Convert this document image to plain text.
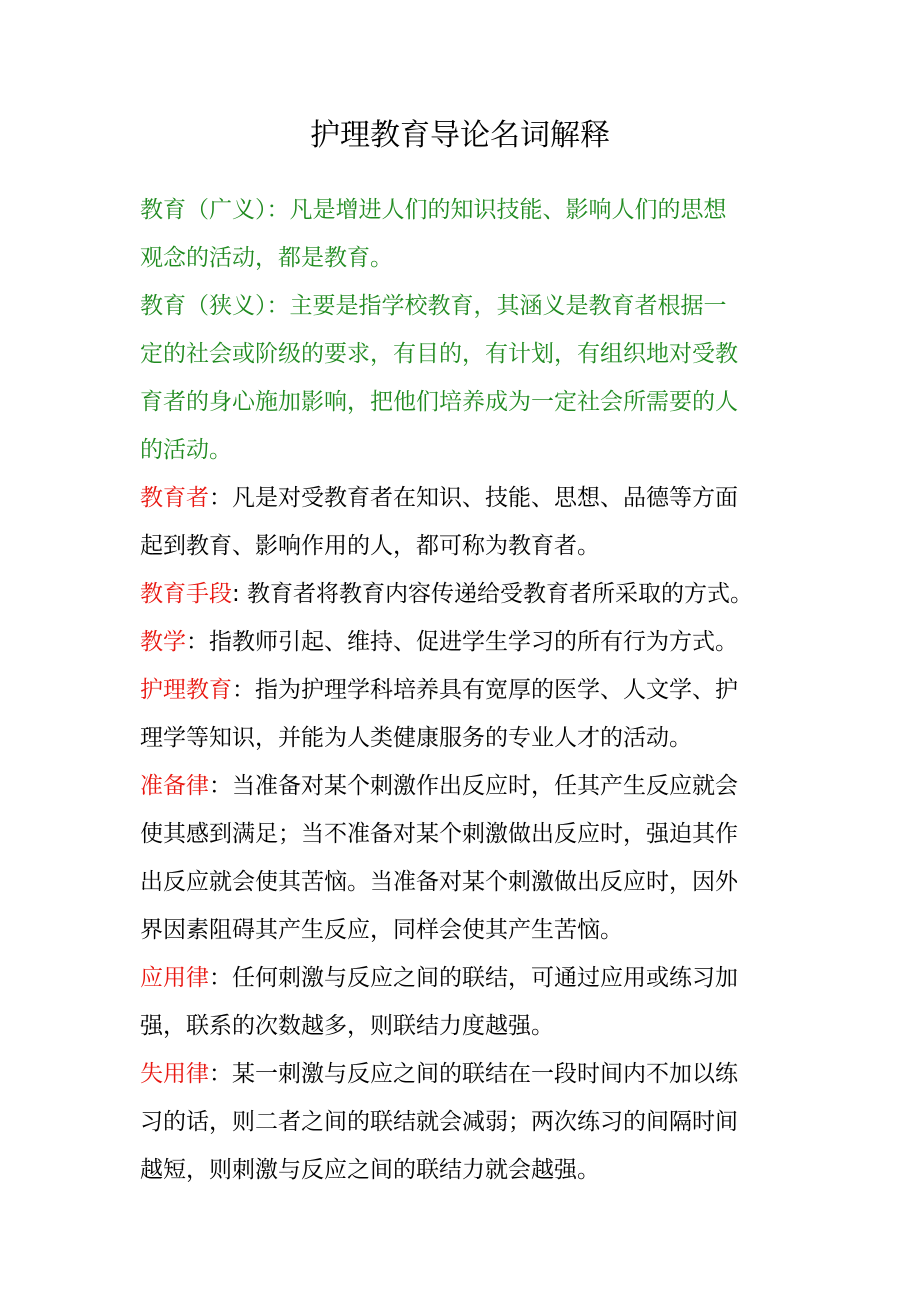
护理教育导论名词解释
教育（广义）：凡是增进人们的知识技能、影响人们的思想
观念的活动，都是教育。
教育（狭义）：主要是指学校教育，其涵义是教育者根据一
定的社会或阶级的要求，有目的，有计划，有组织地对受教
育者的身心施加影响，把他们培养成为一定社会所需要的人
的活动。
教育者：凡是对受教育者在知识、技能、思想、品德等方面
起到教育、影响作用的人，都可称为教育者。
教育手段: 教育者将教育内容传递给受教育者所采取的方式。
教学：指教师引起、维持、促进学生学习的所有行为方式。
护理教育：指为护理学科培养具有宽厚的医学、人文学、护
理学等知识，并能为人类健康服务的专业人才的活动。
准备律：当准备对某个刺激作出反应时，任其产生反应就会
使其感到满足；当不准备对某个刺激做出反应时，强迫其作
出反应就会使其苦恼。当准备对某个刺激做出反应时，因外
界因素阻碍其产生反应，同样会使其产生苦恼。
应用律：任何刺激与反应之间的联结，可通过应用或练习加
强，联系的次数越多，则联结力度越强。
失用律：某一刺激与反应之间的联结在一段时间内不加以练
习的话，则二者之间的联结就会减弱；两次练习的间隔时间
越短，则刺激与反应之间的联结力就会越强。
